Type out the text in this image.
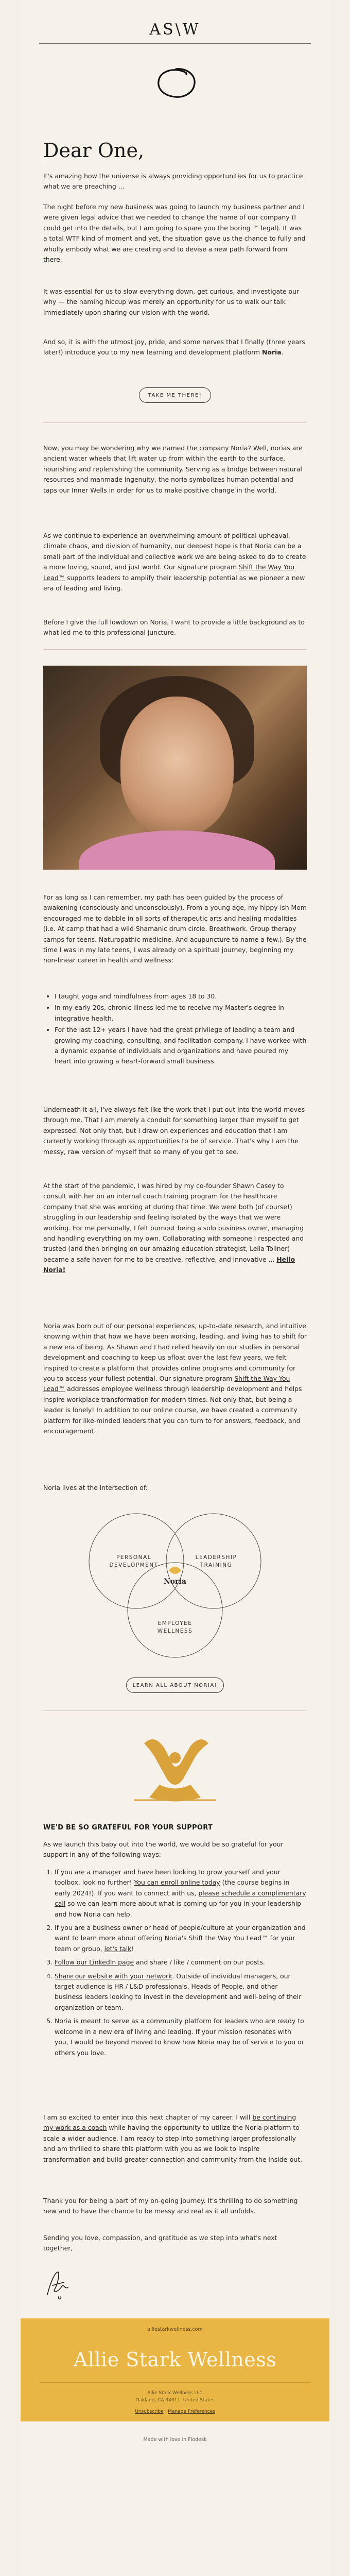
AS\W
Dear One,

It's amazing how the universe is always providing opportunities for us to practice what we are preaching ...

The night before my new business was going to launch my business partner and I were given legal advice that we needed to change the name of our company (I could get into the details, but I am going to spare you the boring ™ legal). It was a total WTF kind of moment and yet, the situation gave us the chance to fully and wholly embody what we are creating and to devise a new path forward from there.

It was essential for us to slow everything down, get curious, and investigate our why — the naming hiccup was merely an opportunity for us to walk our talk immediately upon sharing our vision with the world.

And so, it is with the utmost joy, pride, and some nerves that I finally (three years later!) introduce you to my new learning and development platform Noria.

TAKE ME THERE!

Now, you may be wondering why we named the company Noria? Well, norias are ancient water wheels that lift water up from within the earth to the surface, nourishing and replenishing the community. Serving as a bridge between natural resources and manmade ingenuity, the noria symbolizes human potential and taps our Inner Wells in order for us to make positive change in the world.

As we continue to experience an overwhelming amount of political upheaval, climate chaos, and division of humanity, our deepest hope is that Noria can be a small part of the individual and collective work we are being asked to do to create a more loving, sound, and just world. Our signature program Shift the Way You Lead™ supports leaders to amplify their leadership potential as we pioneer a new era of leading and living.

Before I give the full lowdown on Noria, I want to provide a little background as to what led me to this professional juncture.

For as long as I can remember, my path has been guided by the process of awakening (consciously and unconsciously). From a young age, my hippy-ish Mom encouraged me to dabble in all sorts of therapeutic arts and healing modalities (i.e. At camp that had a wild Shamanic drum circle. Breathwork. Group therapy camps for teens. Naturopathic medicine. And acupuncture to name a few.). By the time I was in my late teens, I was already on a spiritual journey, beginning my non-linear career in health and wellness:

• I taught yoga and mindfulness from ages 18 to 30.
• In my early 20s, chronic illness led me to receive my Master's degree in integrative health.
• For the last 12+ years I have had the great privilege of leading a team and growing my coaching, consulting, and facilitation company. I have worked with a dynamic expanse of individuals and organizations and have poured my heart into growing a heart-forward small business.

Underneath it all, I've always felt like the work that I put out into the world moves through me. That I am merely a conduit for something larger than myself to get expressed. Not only that, but I draw on experiences and education that I am currently working through as opportunities to be of service. That's why I am the messy, raw version of myself that so many of you get to see.

At the start of the pandemic, I was hired by my co-founder Shawn Casey to consult with her on an internal coach training program for the healthcare company that she was working at during that time. We were both (of course!) struggling in our leadership and feeling isolated by the ways that we were working. For me personally, I felt burnout being a solo business owner, managing and handling everything on my own. Collaborating with someone I respected and trusted (and then bringing on our amazing education strategist, Lelia Tollner) became a safe haven for me to be creative, reflective, and innovative ... Hello Noria!

Noria was born out of our personal experiences, up-to-date research, and intuitive knowing within that how we have been working, leading, and living has to shift for a new era of being. As Shawn and I had relied heavily on our studies in personal development and coaching to keep us afloat over the last few years, we felt inspired to create a platform that provides online programs and community for you to access your fullest potential. Our signature program Shift the Way You Lead™ addresses employee wellness through leadership development and helps inspire workplace transformation for modern times. Not only that, but being a leader is lonely! In addition to our online course, we have created a community platform for like-minded leaders that you can turn to for answers, feedback, and encouragement.

Noria lives at the intersection of:

PERSONAL
DEVELOPMENT
LEADERSHIP
TRAINING
EMPLOYEE
WELLNESS
Noria
LEARN ALL ABOUT NORIA!
WE'D BE SO GRATEFUL FOR YOUR SUPPORT

As we launch this baby out into the world, we would be so grateful for your support in any of the following ways:

1. If you are a manager and have been looking to grow yourself and your toolbox, look no further! You can enroll online today (the course begins in early 2024!). If you want to connect with us, please schedule a complimentary call so we can learn more about what is coming up for you in your leadership and how Noria can help.
2. If you are a business owner or head of people/culture at your organization and want to learn more about offering Noria's Shift the Way You Lead™ for your team or group, let's talk!
3. Follow our LinkedIn page and share / like / comment on our posts.
4. Share our website with your network. Outside of individual managers, our target audience is HR / L&D professionals, Heads of People, and other business leaders looking to invest in the development and well-being of their organization or team.
5. Noria is meant to serve as a community platform for leaders who are ready to welcome in a new era of living and leading. If your mission resonates with you, I would be beyond moved to know how Noria may be of service to you or others you love.

I am so excited to enter into this next chapter of my career. I will be continuing my work as a coach while having the opportunity to utilize the Noria platform to scale a wider audience. I am ready to step into something larger professionally and am thrilled to share this platform with you as we look to inspire transformation and build greater connection and community from the inside-out.

Thank you for being a part of my on-going journey. It's thrilling to do something new and to have the chance to be messy and real as it all unfolds.

Sending you love, compassion, and gratitude as we step into what's next together,

alliestarkwellness.com
Allie Stark Wellness
Allie Stark Wellness LLC
Oakland, CA 94611, United States
Unsubscribe · Manage Preferences
Made with love in Flodesk
